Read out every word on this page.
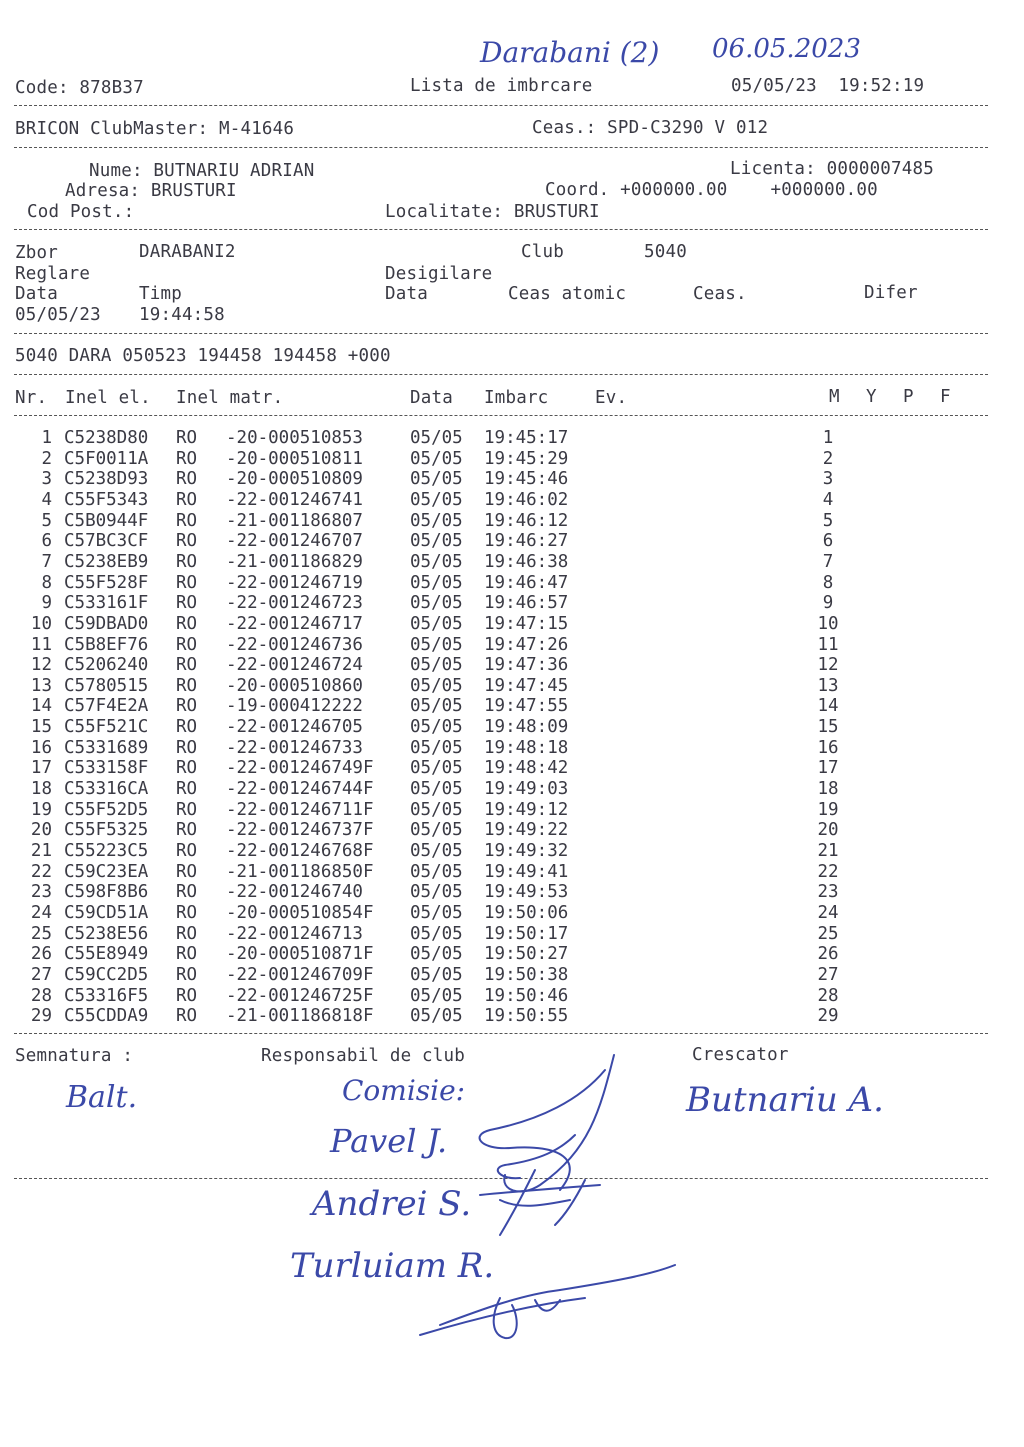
Darabani (2) 06.05.2023
Code: 878B37	Lista de imbrcare	05/05/23  19:52:19
BRICON ClubMaster: M-41646	Ceas.: SPD-C3290 V 012
Nume: BUTNARIU ADRIAN	Licenta: 0000007485
Adresa: BRUSTURI	Coord. +000000.00    +000000.00
Cod Post.:	Localitate: BRUSTURI
Zbor	DARABANI2	Club	5040
Reglare	Desigilare
Data	Timp	Data	Ceas atomic	Ceas.	Difer
05/05/23 19:44:58
5040 DARA 050523 194458 194458 +000
Nr. Inel el. Inel matr.	Data Imbarc	Ev.	M Y P F
1 C5238D80 RO -20-000510853	05/05 19:45:17	1
2 C5F0011A RO -20-000510811	05/05 19:45:29	2
3 C5238D93 RO -20-000510809	05/05 19:45:46	3
4 C55F5343 RO -22-001246741	05/05 19:46:02	4
5 C5B0944F RO -21-001186807	05/05 19:46:12	5
6 C57BC3CF RO -22-001246707	05/05 19:46:27	6
7 C5238EB9 RO -21-001186829	05/05 19:46:38	7
8 C55F528F RO -22-001246719	05/05 19:46:47	8
9 C533161F RO -22-001246723	05/05 19:46:57	9
10 C59DBAD0 RO -22-001246717	05/05 19:47:15	10
11 C5B8EF76 RO -22-001246736	05/05 19:47:26	11
12 C5206240 RO -22-001246724	05/05 19:47:36	12
13 C5780515 RO -20-000510860	05/05 19:47:45	13
14 C57F4E2A RO -19-000412222	05/05 19:47:55	14
15 C55F521C RO -22-001246705	05/05 19:48:09	15
16 C5331689 RO -22-001246733	05/05 19:48:18	16
17 C533158F RO -22-001246749F 05/05 19:48:42	17
18 C53316CA RO -22-001246744F 05/05 19:49:03	18
19 C55F52D5 RO -22-001246711F 05/05 19:49:12	19
20 C55F5325 RO -22-001246737F 05/05 19:49:22	20
21 C55223C5 RO -22-001246768F 05/05 19:49:32	21
22 C59C23EA RO -21-001186850F 05/05 19:49:41	22
23 C598F8B6 RO -22-001246740	05/05 19:49:53	23
24 C59CD51A RO -20-000510854F 05/05 19:50:06	24
25 C5238E56 RO -22-001246713	05/05 19:50:17	25
26 C55E8949 RO -20-000510871F 05/05 19:50:27	26
27 C59CC2D5 RO -22-001246709F 05/05 19:50:38	27
28 C53316F5 RO -22-001246725F 05/05 19:50:46	28
29 C55CDDA9 RO -21-001186818F 05/05 19:50:55	29
Semnatura :	Responsabil de club	Crescator
Balt.	Comisie:
Pavel J.
Butnariu A.
Andrei S.
Turluiam R.
